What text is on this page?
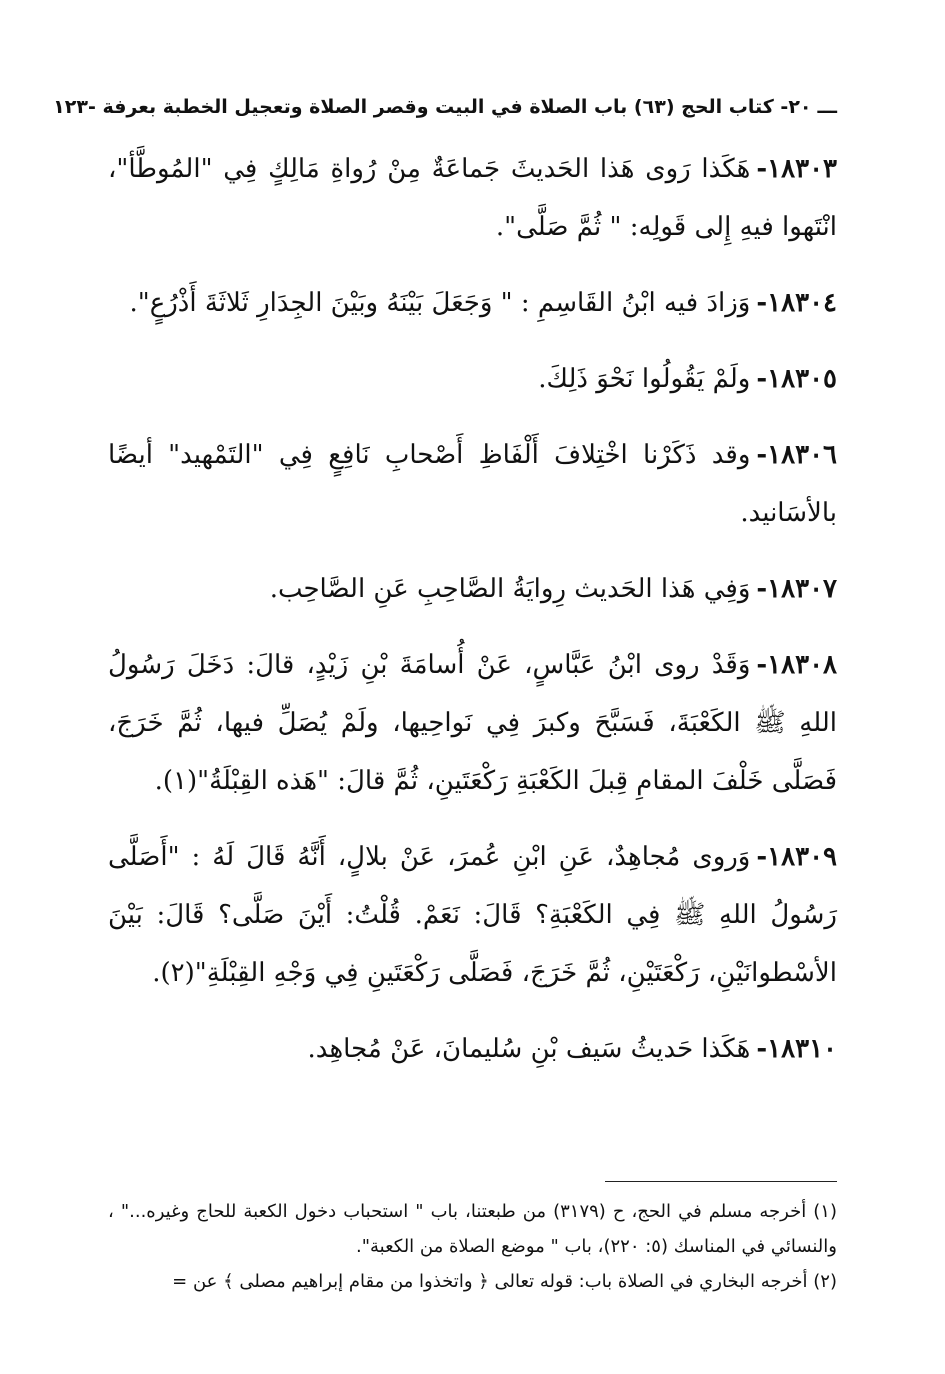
ـــ٢٠- كتاب الحج (٦٣) باب الصلاة في البيت وقصر الصلاة وتعجيل الخطبة بعرفة -١٢٣

١٨٣٠٣-هَكَذا رَوى هَذا الحَديثَ جَماعَةٌ مِنْ رُواةِ مَالِكٍ فِي "المُوطَّأ"، انْتَهوا فيهِ إِلى قَولِه: " ثُمَّ صَلَّى".

١٨٣٠٤-وَزادَ فيه ابْنُ القَاسِمِ : " وَجَعَلَ بَيْنَهُ وبَيْنَ الجِدَارِ ثَلاثَةَ أَذْرُعٍ".

١٨٣٠٥-ولَمْ يَقُولُوا نَحْوَ ذَلِكَ.

١٨٣٠٦-وقد ذَكَرْنا اخْتِلافَ أَلْفَاظِ أَصْحابِ نَافِعٍ فِي "التَمْهيد" أيضًا بالأسَانيد.

١٨٣٠٧-وَفِي هَذا الحَديث رِوايَةُ الصَّاحِبِ عَنِ الصَّاحِب.

١٨٣٠٨-وَقَدْ روى ابْنُ عَبَّاسٍ، عَنْ أُسامَةَ بْنِ زَيْدٍ، قالَ: دَخَلَ رَسُولُ اللهِ ﷺ الكَعْبَةَ، فَسَبَّحَ وكبرَ فِي نَواحِيها، ولَمْ يُصَلِّ فيها، ثُمَّ خَرَجَ، فَصَلَّى خَلْفَ المقامِ قِبلَ الكَعْبَةِ رَكْعَتَينِ، ثُمَّ قالَ: "هَذه القِبْلَةُ"(١).

١٨٣٠٩-وَروى مُجاهِدٌ، عَنِ ابْنِ عُمرَ، عَنْ بلالٍ، أَنَّهُ قَالَ لَهُ : "أَصَلَّى رَسُولُ اللهِ ﷺ فِي الكَعْبَةِ؟ قَالَ: نَعَمْ. قُلْتُ: أَيْنَ صَلَّى؟ قَالَ: بَيْنَ الأسْطوانَيْنِ، رَكْعَتَيْنِ، ثُمَّ خَرَجَ، فَصَلَّى رَكْعَتَينِ فِي وَجْهِ القِبْلَةِ"(٢).

١٨٣١٠-هَكَذا حَديثُ سَيف بْنِ سُليمانَ، عَنْ مُجاهِد.

(١) أخرجه مسلم في الحج، ح (٣١٧٩) من طبعتنا، باب " استحباب دخول الكعبة للحاج وغيره..." ، والنسائي في المناسك (٥: ٢٢٠)، باب " موضع الصلاة من الكعبة".

(٢) أخرجه البخاري في الصلاة باب: قوله تعالى ﴿ واتخذوا من مقام إبراهيم مصلى ﴾ عن =
